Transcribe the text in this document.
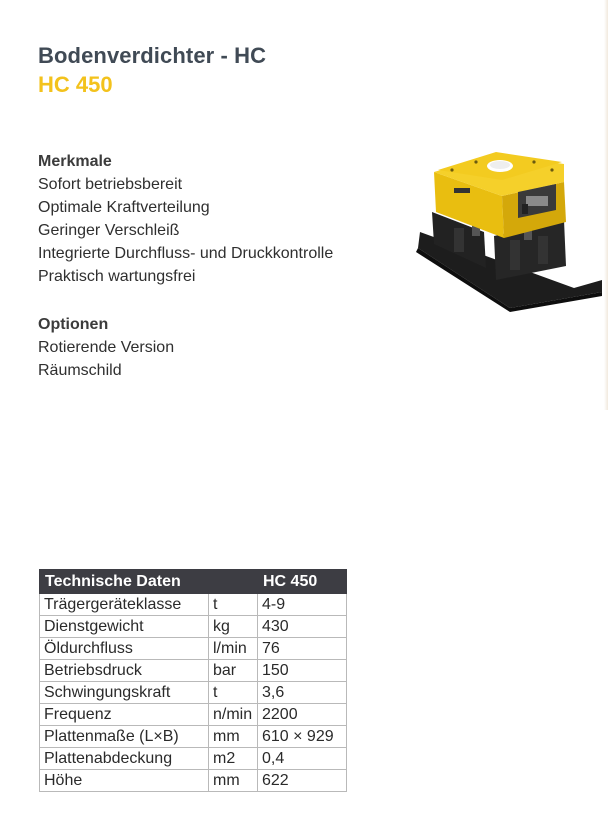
Bodenverdichter - HC
HC 450
Merkmale
Sofort betriebsbereit
Optimale Kraftverteilung
Geringer Verschleiß
Integrierte Durchfluss- und Druckkontrolle
Praktisch wartungsfrei
Optionen
Rotierende Version
Räumschild
Technische Daten		HC 450
Trägergeräteklasse	t	4-9
Dienstgewicht	kg	430
Öldurchfluss	l/min	76
Betriebsdruck	bar	150
Schwingungskraft	t	3,6
Frequenz	n/min	2200
Plattenmaße (L×B)	mm	610 × 929
Plattenabdeckung	m2	0,4
Höhe	mm	622
